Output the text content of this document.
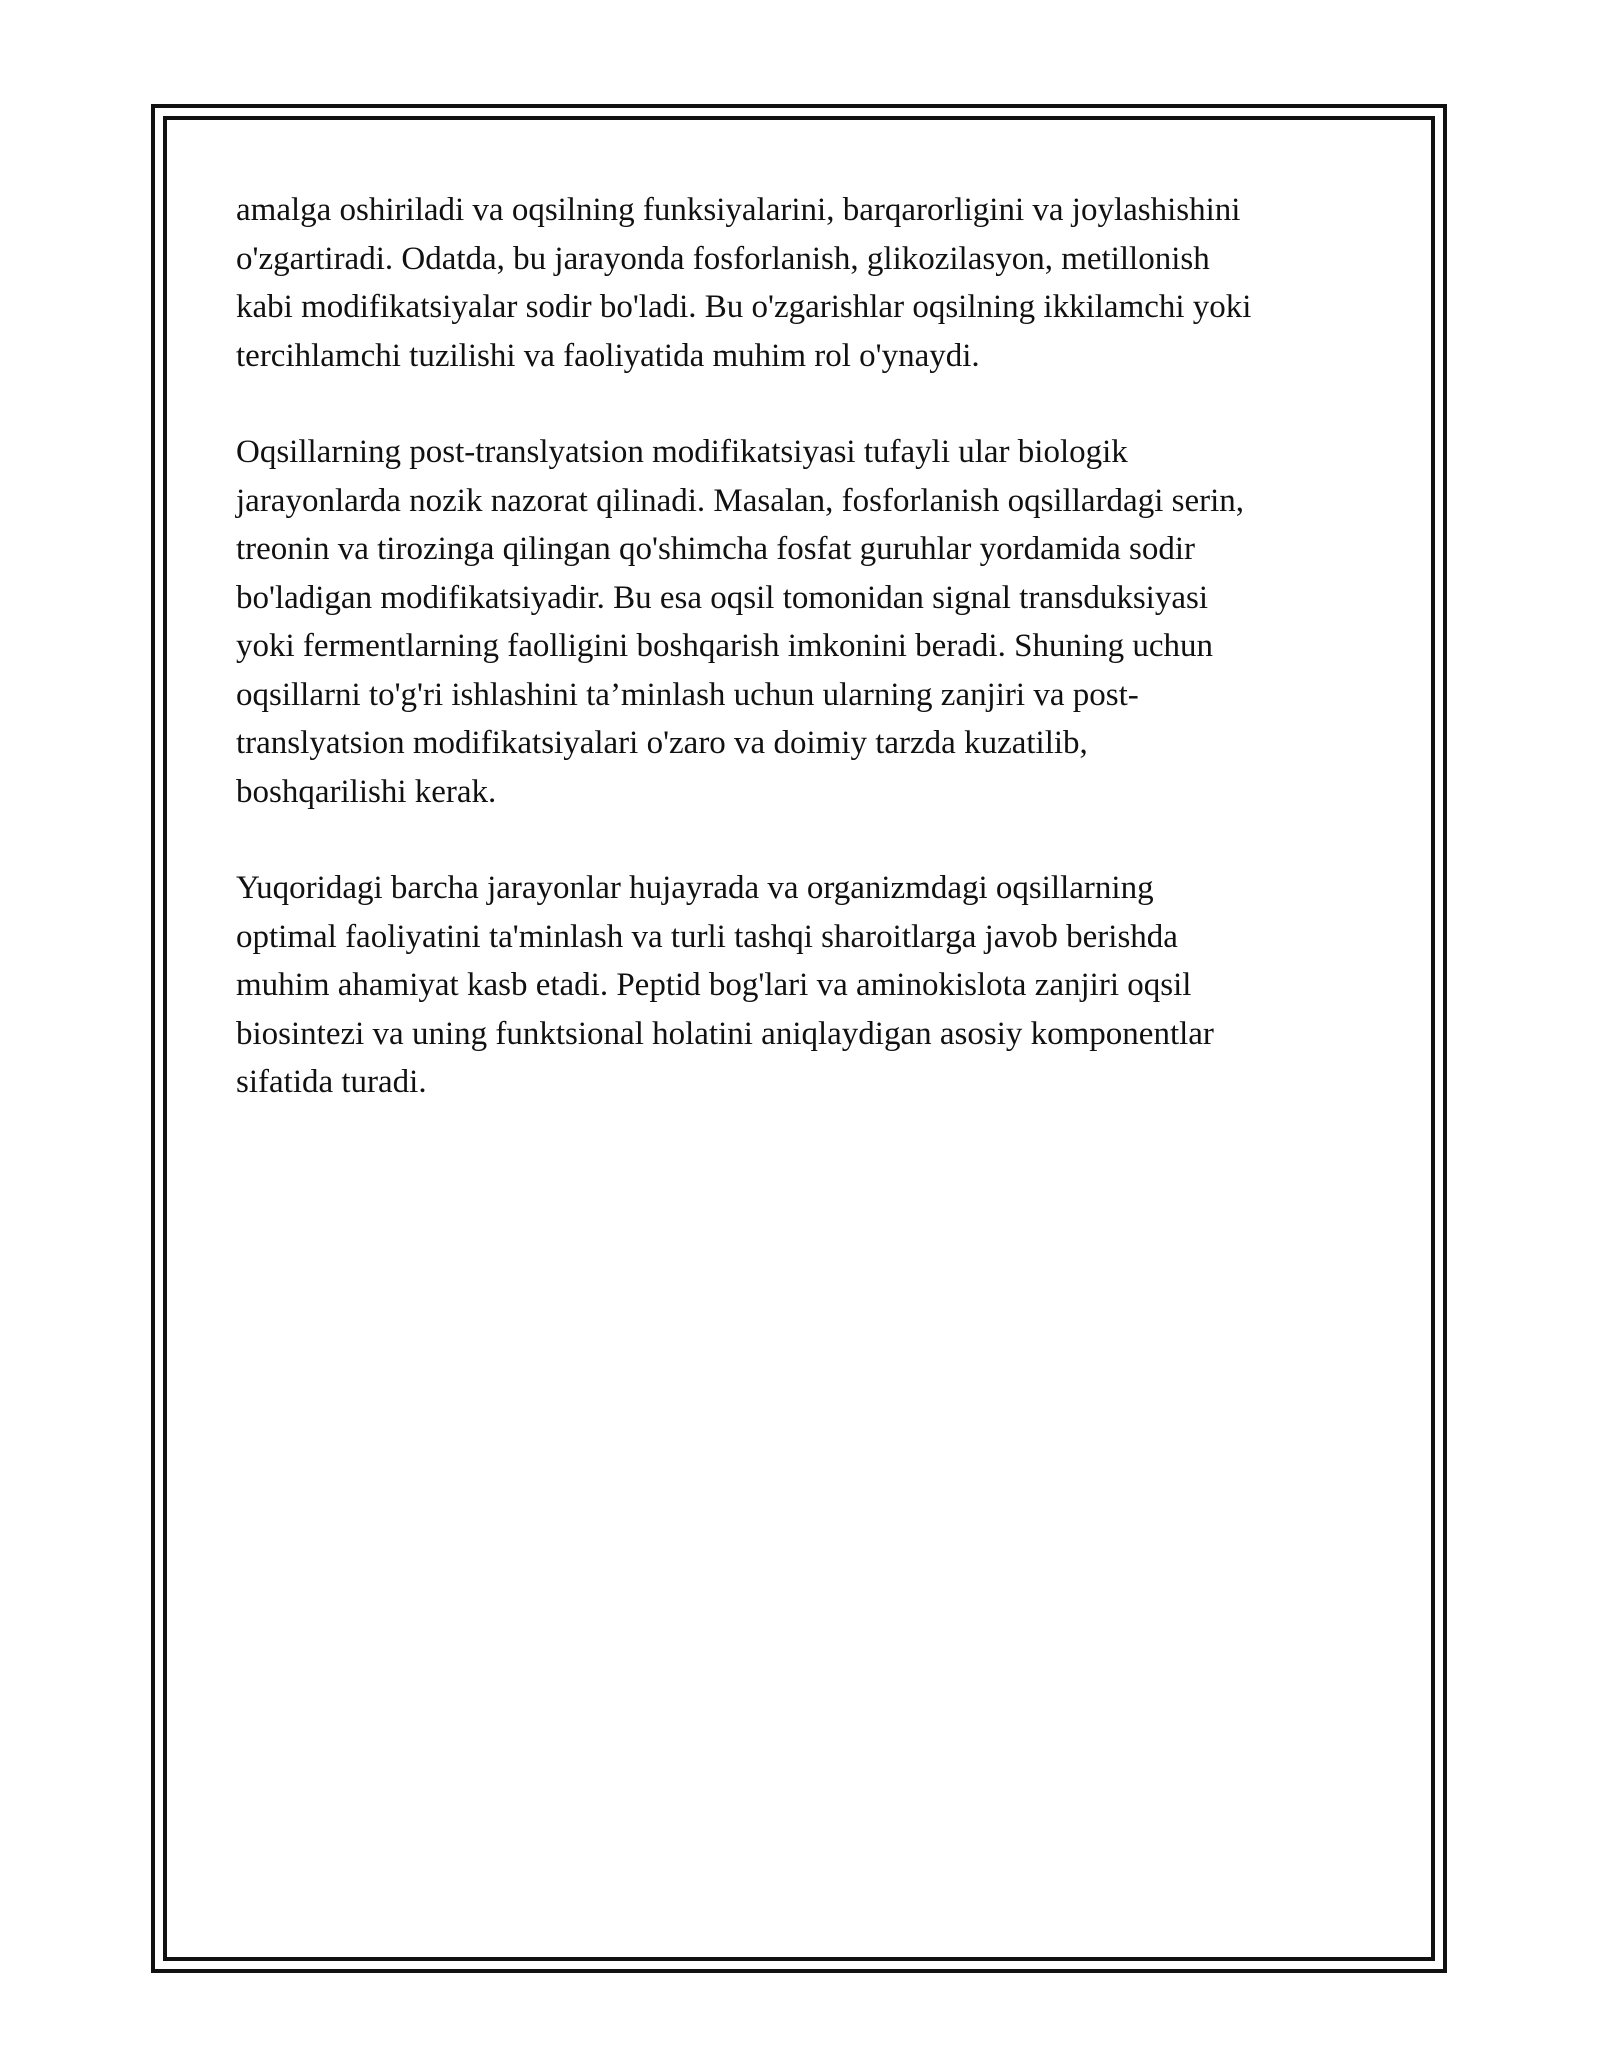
amalga oshiriladi va oqsilning funksiyalarini, barqarorligini va joylashishini
o'zgartiradi. Odatda, bu jarayonda fosforlanish, glikozilasyon, metillonish
kabi modifikatsiyalar sodir bo'ladi. Bu o'zgarishlar oqsilning ikkilamchi yoki
tercihlamchi tuzilishi va faoliyatida muhim rol o'ynaydi.

Oqsillarning post-translyatsion modifikatsiyasi tufayli ular biologik
jarayonlarda nozik nazorat qilinadi. Masalan, fosforlanish oqsillardagi serin,
treonin va tirozinga qilingan qo'shimcha fosfat guruhlar yordamida sodir
bo'ladigan modifikatsiyadir. Bu esa oqsil tomonidan signal transduksiyasi
yoki fermentlarning faolligini boshqarish imkonini beradi. Shuning uchun
oqsillarni to'g'ri ishlashini ta’minlash uchun ularning zanjiri va post-
translyatsion modifikatsiyalari o'zaro va doimiy tarzda kuzatilib,
boshqarilishi kerak.

Yuqoridagi barcha jarayonlar hujayrada va organizmdagi oqsillarning
optimal faoliyatini ta'minlash va turli tashqi sharoitlarga javob berishda
muhim ahamiyat kasb etadi. Peptid bog'lari va aminokislota zanjiri oqsil
biosintezi va uning funktsional holatini aniqlaydigan asosiy komponentlar
sifatida turadi.
